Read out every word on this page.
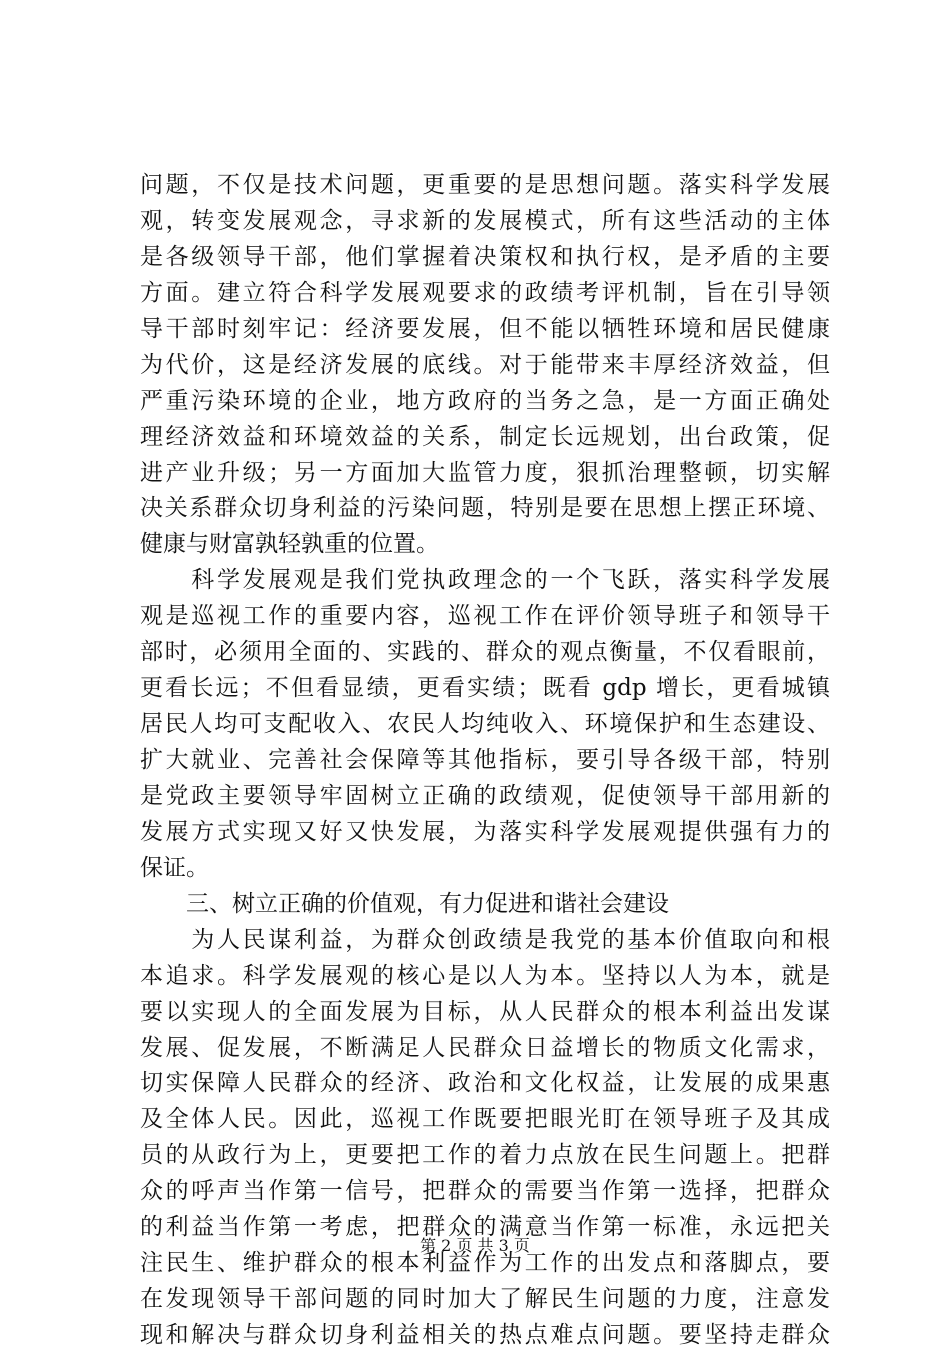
问题，不仅是技术问题，更重要的是思想问题。落实科学发展
观，转变发展观念，寻求新的发展模式，所有这些活动的主体
是各级领导干部，他们掌握着决策权和执行权，是矛盾的主要
方面。建立符合科学发展观要求的政绩考评机制，旨在引导领
导干部时刻牢记：经济要发展，但不能以牺牲环境和居民健康
为代价，这是经济发展的底线。对于能带来丰厚经济效益，但
严重污染环境的企业，地方政府的当务之急，是一方面正确处
理经济效益和环境效益的关系，制定长远规划，出台政策，促
进产业升级；另一方面加大监管力度，狠抓治理整顿，切实解
决关系群众切身利益的污染问题，特别是要在思想上摆正环境、
健康与财富孰轻孰重的位置。
　　科学发展观是我们党执政理念的一个飞跃，落实科学发展
观是巡视工作的重要内容，巡视工作在评价领导班子和领导干
部时，必须用全面的、实践的、群众的观点衡量，不仅看眼前，
更看长远；不但看显绩，更看实绩；既看 gdp 增长，更看城镇
居民人均可支配收入、农民人均纯收入、环境保护和生态建设、
扩大就业、完善社会保障等其他指标，要引导各级干部，特别
是党政主要领导牢固树立正确的政绩观，促使领导干部用新的
发展方式实现又好又快发展，为落实科学发展观提供强有力的
保证。
　　三、树立正确的价值观，有力促进和谐社会建设
　　为人民谋利益，为群众创政绩是我党的基本价值取向和根
本追求。科学发展观的核心是以人为本。坚持以人为本，就是
要以实现人的全面发展为目标，从人民群众的根本利益出发谋
发展、促发展，不断满足人民群众日益增长的物质文化需求，
切实保障人民群众的经济、政治和文化权益，让发展的成果惠
及全体人民。因此，巡视工作既要把眼光盯在领导班子及其成
员的从政行为上，更要把工作的着力点放在民生问题上。把群
众的呼声当作第一信号，把群众的需要当作第一选择，把群众
的利益当作第一考虑，把群众的满意当作第一标准，永远把关
注民生、维护群众的根本利益作为工作的出发点和落脚点，要
在发现领导干部问题的同时加大了解民生问题的力度，注意发
现和解决与群众切身利益相关的热点难点问题。要坚持走群众
第 2 页 共 3 页
